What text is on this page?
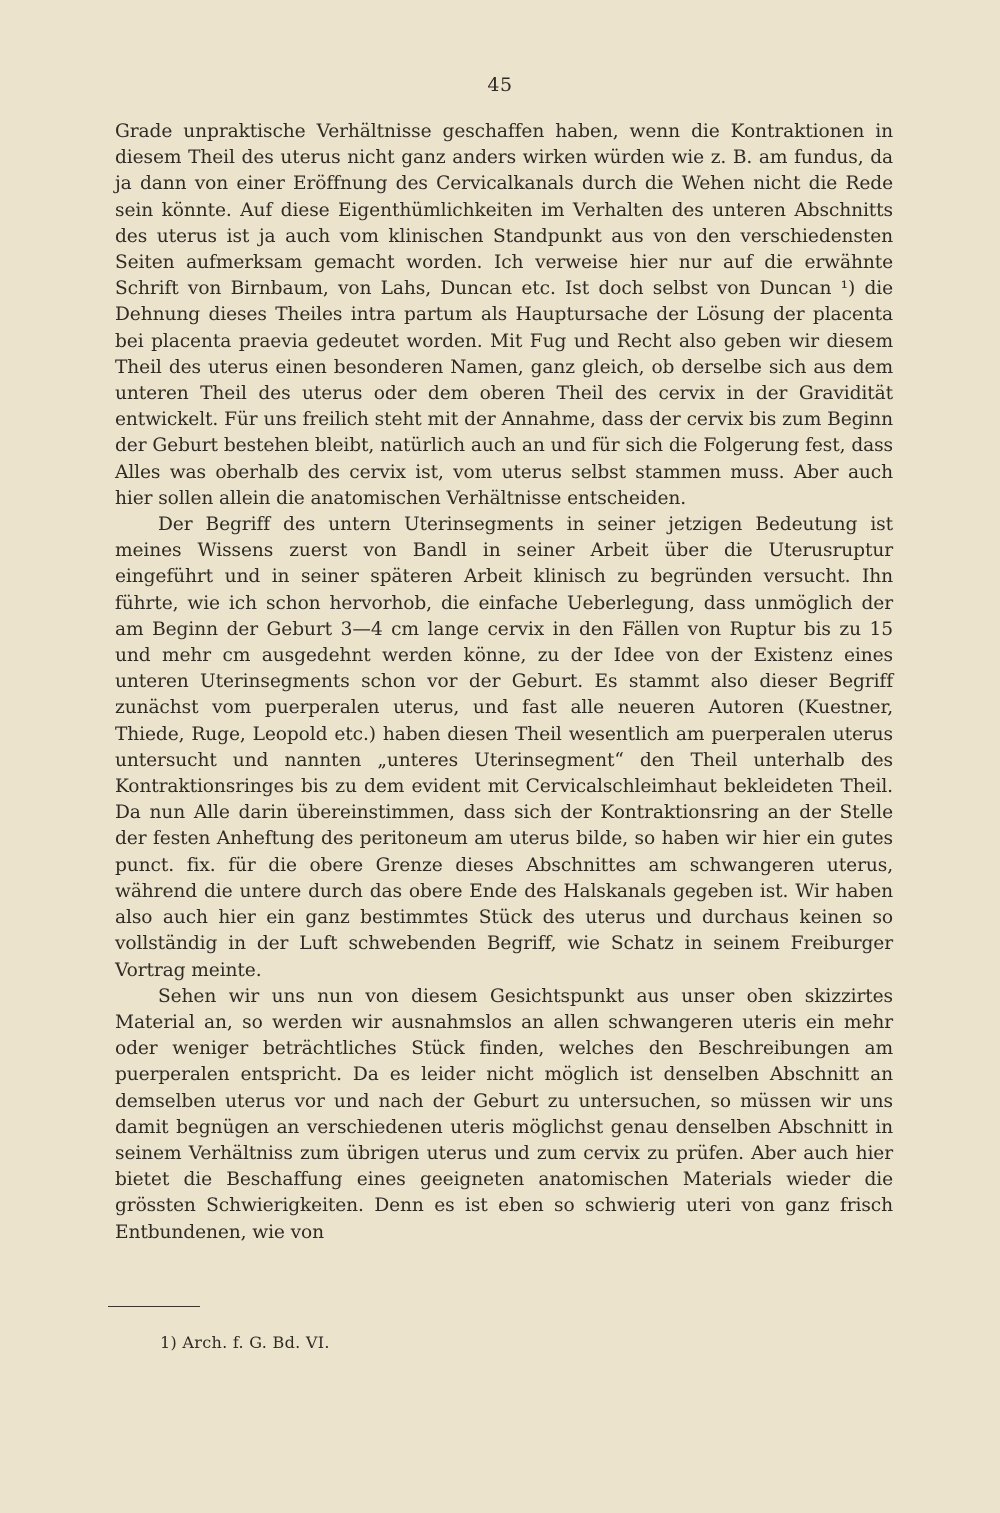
45

Grade unpraktische Verhältnisse geschaffen haben, wenn die Kontraktionen in diesem Theil des uterus nicht ganz anders wirken würden wie z. B. am fundus, da ja dann von einer Eröffnung des Cervicalkanals durch die Wehen nicht die Rede sein könnte. Auf diese Eigenthümlichkeiten im Verhalten des unteren Abschnitts des uterus ist ja auch vom klinischen Standpunkt aus von den verschiedensten Seiten aufmerksam gemacht worden. Ich verweise hier nur auf die erwähnte Schrift von Birnbaum, von Lahs, Duncan etc. Ist doch selbst von Duncan ¹) die Dehnung dieses Theiles intra partum als Hauptursache der Lösung der placenta bei placenta praevia gedeutet worden. Mit Fug und Recht also geben wir diesem Theil des uterus einen besonderen Namen, ganz gleich, ob derselbe sich aus dem unteren Theil des uterus oder dem oberen Theil des cervix in der Gravidität entwickelt. Für uns freilich steht mit der Annahme, dass der cervix bis zum Beginn der Geburt bestehen bleibt, natürlich auch an und für sich die Folgerung fest, dass Alles was oberhalb des cervix ist, vom uterus selbst stammen muss. Aber auch hier sollen allein die anatomischen Verhältnisse entscheiden.

Der Begriff des untern Uterinsegments in seiner jetzigen Bedeutung ist meines Wissens zuerst von Bandl in seiner Arbeit über die Uterusruptur eingeführt und in seiner späteren Arbeit klinisch zu begründen versucht. Ihn führte, wie ich schon hervorhob, die einfache Ueberlegung, dass unmöglich der am Beginn der Geburt 3—4 cm lange cervix in den Fällen von Ruptur bis zu 15 und mehr cm ausgedehnt werden könne, zu der Idee von der Existenz eines unteren Uterinsegments schon vor der Geburt. Es stammt also dieser Begriff zunächst vom puerperalen uterus, und fast alle neueren Autoren (Kuestner, Thiede, Ruge, Leopold etc.) haben diesen Theil wesentlich am puerperalen uterus untersucht und nannten „unteres Uterinsegment“ den Theil unterhalb des Kontraktionsringes bis zu dem evident mit Cervicalschleimhaut bekleideten Theil. Da nun Alle darin übereinstimmen, dass sich der Kontraktionsring an der Stelle der festen Anheftung des peritoneum am uterus bilde, so haben wir hier ein gutes punct. fix. für die obere Grenze dieses Abschnittes am schwangeren uterus, während die untere durch das obere Ende des Halskanals gegeben ist. Wir haben also auch hier ein ganz bestimmtes Stück des uterus und durchaus keinen so vollständig in der Luft schwebenden Begriff, wie Schatz in seinem Freiburger Vortrag meinte.

Sehen wir uns nun von diesem Gesichtspunkt aus unser oben skizzirtes Material an, so werden wir ausnahmslos an allen schwangeren uteris ein mehr oder weniger beträchtliches Stück finden, welches den Beschreibungen am puerperalen entspricht. Da es leider nicht möglich ist denselben Abschnitt an demselben uterus vor und nach der Geburt zu untersuchen, so müssen wir uns damit begnügen an verschiedenen uteris möglichst genau denselben Abschnitt in seinem Verhältniss zum übrigen uterus und zum cervix zu prüfen. Aber auch hier bietet die Beschaffung eines geeigneten anatomischen Materials wieder die grössten Schwierigkeiten. Denn es ist eben so schwierig uteri von ganz frisch Entbundenen, wie von

1) Arch. f. G. Bd. VI.
